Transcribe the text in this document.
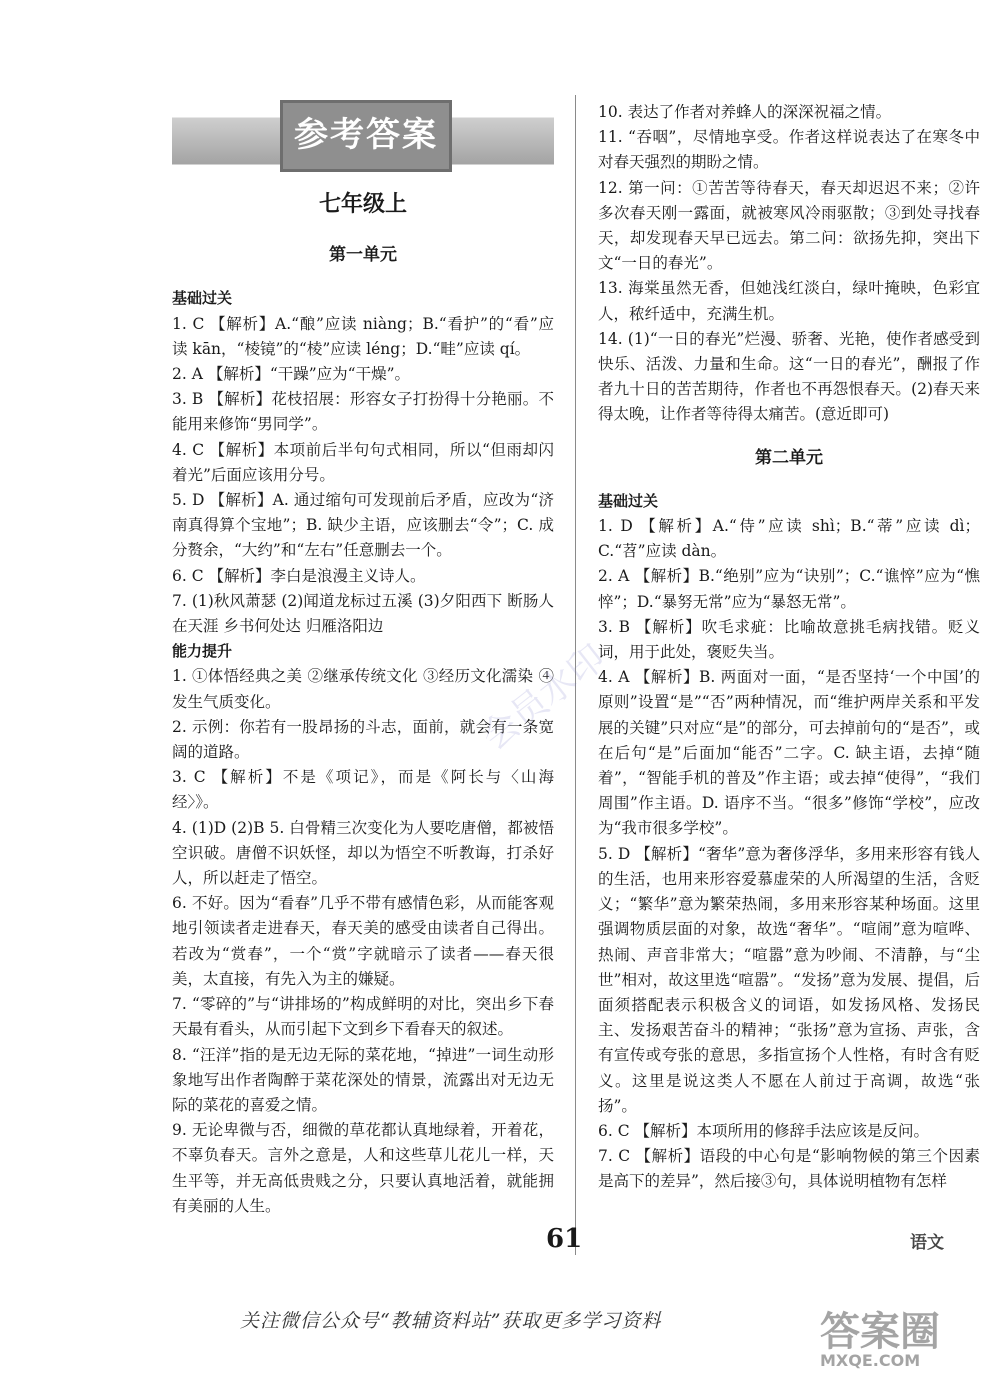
参考答案
七年级上
第一单元
基础过关

1. C 【解析】A.“酿”应读 niàng；B.“看护”的“看”应读 kān，“棱镜”的“棱”应读 léng；D.“畦”应读 qí。

2. A 【解析】“干躁”应为“干燥”。

3. B 【解析】花枝招展：形容女子打扮得十分艳丽。不能用来修饰“男同学”。

4. C 【解析】本项前后半句句式相同，所以“但雨却闪着光”后面应该用分号。

5. D 【解析】A. 通过缩句可发现前后矛盾，应改为“济南真得算个宝地”；B. 缺少主语，应该删去“令”；C. 成分赘余，“大约”和“左右”任意删去一个。

6. C 【解析】李白是浪漫主义诗人。

7. (1)秋风萧瑟 (2)闻道龙标过五溪 (3)夕阳西下 断肠人在天涯 乡书何处达 归雁洛阳边

能力提升

1. ①体悟经典之美 ②继承传统文化 ③经历文化濡染 ④发生气质变化。

2. 示例：你若有一股昂扬的斗志，面前，就会有一条宽阔的道路。

3. C 【解析】不是《项记》，而是《阿长与〈山海经〉》。

4. (1)D (2)B 5. 白骨精三次变化为人要吃唐僧，都被悟空识破。唐僧不识妖怪，却以为悟空不听教诲，打杀好人，所以赶走了悟空。

6. 不好。因为“看春”几乎不带有感情色彩，从而能客观地引领读者走进春天，春天美的感受由读者自己得出。若改为“赏春”，一个“赏”字就暗示了读者——春天很美，太直接，有先入为主的嫌疑。

7. “零碎的”与“讲排场的”构成鲜明的对比，突出乡下春天最有看头，从而引起下文到乡下看春天的叙述。

8. “汪洋”指的是无边无际的菜花地，“掉进”一词生动形象地写出作者陶醉于菜花深处的情景，流露出对无边无际的菜花的喜爱之情。

9. 无论卑微与否，细微的草花都认真地绿着，开着花，不辜负春天。言外之意是，人和这些草儿花儿一样，天生平等，并无高低贵贱之分，只要认真地活着，就能拥有美丽的人生。

10. 表达了作者对养蜂人的深深祝福之情。

11. “吞咽”，尽情地享受。作者这样说表达了在寒冬中对春天强烈的期盼之情。

12. 第一问：①苦苦等待春天，春天却迟迟不来；②许多次春天刚一露面，就被寒风冷雨驱散；③到处寻找春天，却发现春天早已远去。第二问：欲扬先抑，突出下文“一日的春光”。

13. 海棠虽然无香，但她浅红淡白，绿叶掩映，色彩宜人，秾纤适中，充满生机。

14. (1)“一日的春光”烂漫、骄奢、光艳，使作者感受到快乐、活泼、力量和生命。这“一日的春光”，酬报了作者九十日的苦苦期待，作者也不再怨恨春天。(2)春天来得太晚，让作者等待得太痛苦。(意近即可)

第二单元
基础过关

1. D 【解析】A.“侍”应读 shì；B.“蒂”应读 dì；C.“苕”应读 dàn。

2. A 【解析】B.“绝别”应为“诀别”；C.“谯悴”应为“憔悴”；D.“暴努无常”应为“暴怒无常”。

3. B 【解析】吹毛求疵：比喻故意挑毛病找错。贬义词，用于此处，褒贬失当。

4. A 【解析】B. 两面对一面，“是否坚持‘一个中国’的原则”设置“是”“否”两种情况，而“维护两岸关系和平发展的关键”只对应“是”的部分，可去掉前句的“是否”，或在后句“是”后面加“能否”二字。C. 缺主语，去掉“随着”，“智能手机的普及”作主语；或去掉“使得”，“我们周围”作主语。D. 语序不当。“很多”修饰“学校”，应改为“我市很多学校”。

5. D 【解析】“奢华”意为奢侈浮华，多用来形容有钱人的生活，也用来形容爱慕虚荣的人所渴望的生活，含贬义；“繁华”意为繁荣热闹，多用来形容某种场面。这里强调物质层面的对象，故选“奢华”。“喧闹”意为喧哗、热闹、声音非常大；“喧嚣”意为吵闹、不清静，与“尘世”相对，故这里选“喧嚣”。“发扬”意为发展、提倡，后面须搭配表示积极含义的词语，如发扬风格、发扬民主、发扬艰苦奋斗的精神；“张扬”意为宣扬、声张，含有宣传或夸张的意思，多指宣扬个人性格，有时含有贬义。这里是说这类人不愿在人前过于高调，故选“张扬”。

6. C 【解析】本项所用的修辞手法应该是反问。

7. C 【解析】语段的中心句是“影响物候的第三个因素是高下的差异”，然后接③句，具体说明植物有怎样

会员水印
61	语文
关注微信公众号“教辅资料站”获取更多学习资料	答案圈
MXQE.COM
